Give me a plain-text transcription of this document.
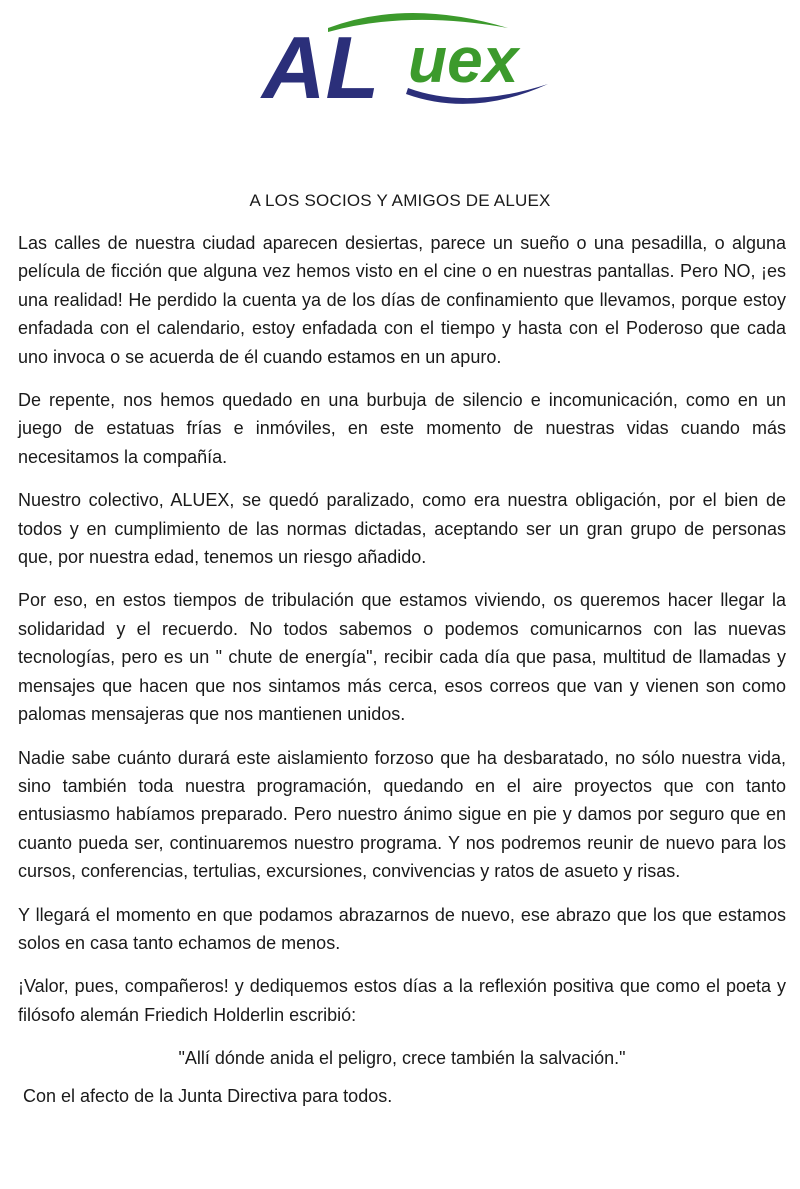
AL uex
A LOS SOCIOS Y AMIGOS DE ALUEX

Las calles de nuestra ciudad aparecen desiertas, parece un sueño o una pesadilla, o alguna película de ficción que alguna vez hemos visto en el cine o en nuestras pantallas. Pero NO, ¡es una realidad! He perdido la cuenta ya de los días de confinamiento que llevamos, porque estoy enfadada con el calendario, estoy enfadada con el tiempo y hasta con el Poderoso que cada uno invoca o se acuerda de él cuando estamos en un apuro.

De repente, nos hemos quedado en una burbuja de silencio e incomunicación, como en un juego de estatuas frías e inmóviles, en este momento de nuestras vidas cuando más necesitamos la compañía.

Nuestro colectivo, ALUEX, se quedó paralizado, como era nuestra obligación, por el bien de todos y en cumplimiento de las normas dictadas, aceptando ser un gran grupo de personas que, por nuestra edad, tenemos un riesgo añadido.

Por eso, en estos tiempos de tribulación que estamos viviendo, os queremos hacer llegar la solidaridad y el recuerdo. No todos sabemos o podemos comunicarnos con las nuevas tecnologías, pero es un " chute de energía", recibir cada día que pasa, multitud de llamadas y mensajes que hacen que nos sintamos más cerca, esos correos que van y vienen son como palomas mensajeras que nos mantienen unidos.

Nadie sabe cuánto durará este aislamiento forzoso que ha desbaratado, no sólo nuestra vida, sino también toda nuestra programación, quedando en el aire proyectos que con tanto entusiasmo habíamos preparado. Pero nuestro ánimo sigue en pie y damos por seguro que en cuanto pueda ser, continuaremos nuestro programa. Y nos podremos reunir de nuevo para los cursos, conferencias, tertulias, excursiones, convivencias y ratos de asueto y risas.

Y llegará el momento en que podamos abrazarnos de nuevo, ese abrazo que los que estamos solos en casa tanto echamos de menos.

¡Valor, pues, compañeros! y dediquemos estos días a la reflexión positiva que como el poeta y filósofo alemán Friedich Holderlin escribió:

"Allí dónde anida el peligro, crece también la salvación."

Con el afecto de la Junta Directiva para todos.
